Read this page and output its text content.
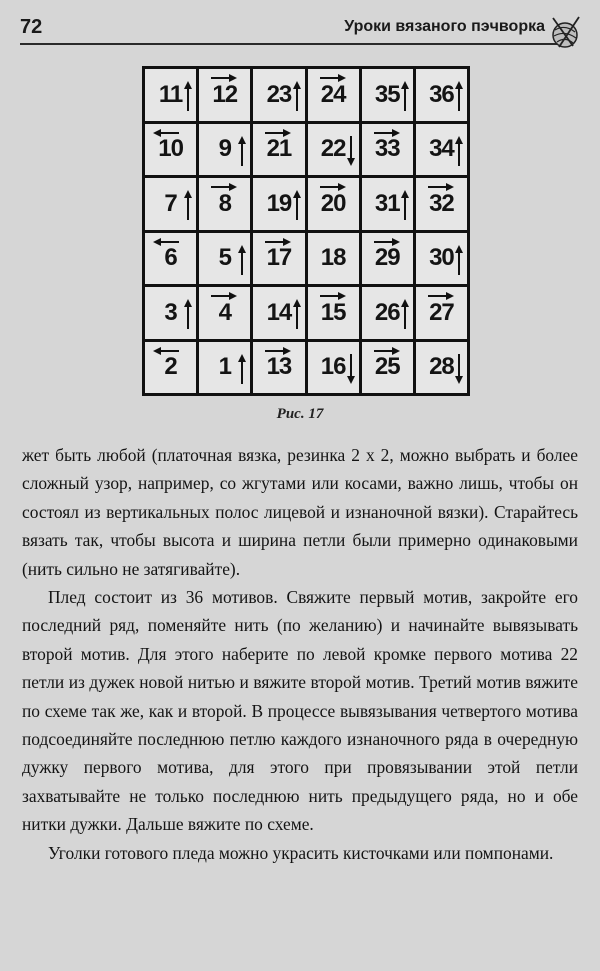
72	Уроки вязаного пэчворка
11 12 23 24 35 36
10 9 21 22 33 34
7 8 19 20 31 32
6 5 17 18 29 30
3 4 14 15 26 27
2 1 13 16 25 28
Рис. 17

жет быть любой (платочная вязка, резинка 2 х 2, можно выбрать и более сложный узор, например, со жгутами или косами, важно лишь, чтобы он состоял из вертикальных полос лицевой и изнаночной вязки). Старайтесь вязать так, чтобы высота и ширина петли были примерно одинаковыми (нить сильно не затягивайте).

Плед состоит из 36 мотивов. Свяжите первый мотив, закройте его последний ряд, поменяйте нить (по желанию) и начинайте вывязывать второй мотив. Для этого наберите по левой кромке первого мотива 22 петли из дужек новой нитью и вяжите второй мотив. Третий мотив вяжите по схеме так же, как и второй. В процессе вывязывания четвертого мотива подсоединяйте последнюю петлю каждого изнаночного ряда в очередную дужку первого мотива, для этого при провязывании этой петли захватывайте не только последнюю нить предыдущего ряда, но и обе нитки дужки. Дальше вяжите по схеме.

Уголки готового пледа можно украсить кисточками или помпонами.
